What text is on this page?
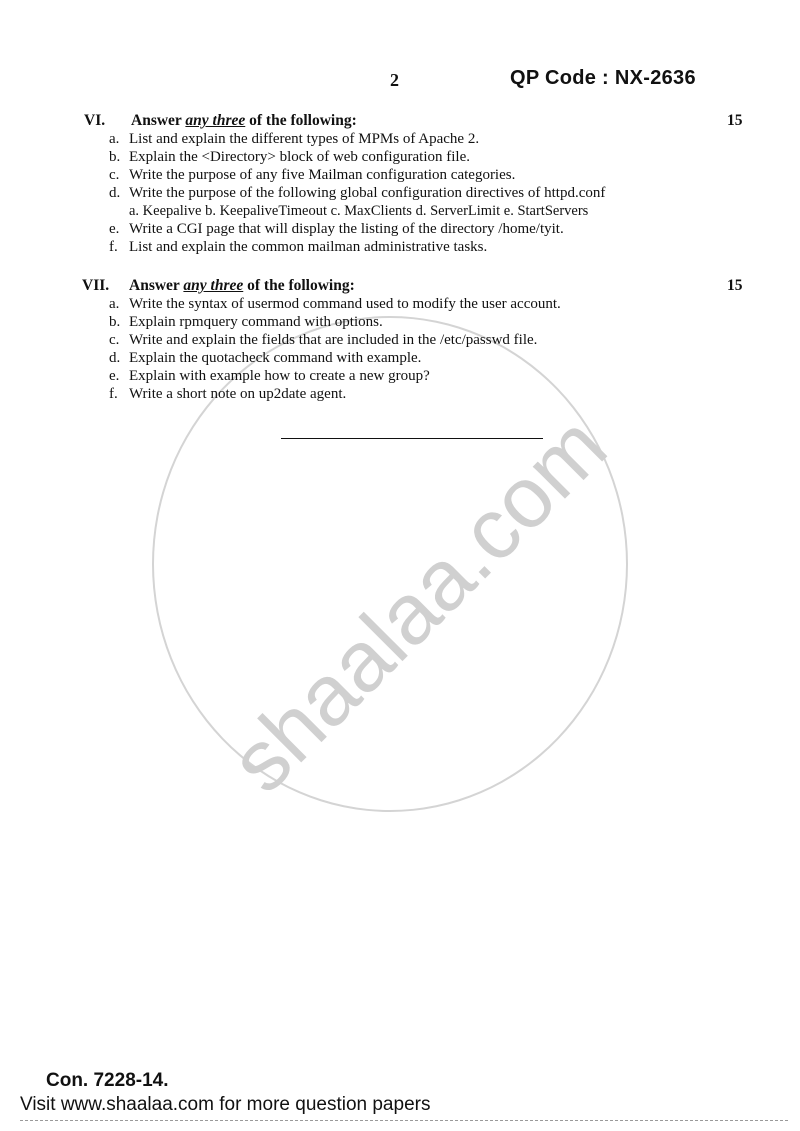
shaalaa.com
2	QP Code : NX-2636
VI. Answer any three of the following:	15
a. List and explain the different types of MPMs of Apache 2.
b. Explain the <Directory> block of web configuration file.
c. Write the purpose of any five Mailman configuration categories.
d. Write the purpose of the following global configuration directives of httpd.conf
a. Keepalive b. KeepaliveTimeout c. MaxClients d. ServerLimit e. StartServers
e. Write a CGI page that will display the listing of the directory /home/tyit.
f. List and explain the common mailman administrative tasks.
VII. Answer any three of the following:	15
a. Write the syntax of usermod command used to modify the user account.
b. Explain rpmquery command with options.
c. Write and explain the fields that are included in the /etc/passwd file.
d. Explain the quotacheck command with example.
e. Explain with example how to create a new group?
f. Write a short note on up2date agent.
Con. 7228-14.
Visit www.shaalaa.com for more question papers
